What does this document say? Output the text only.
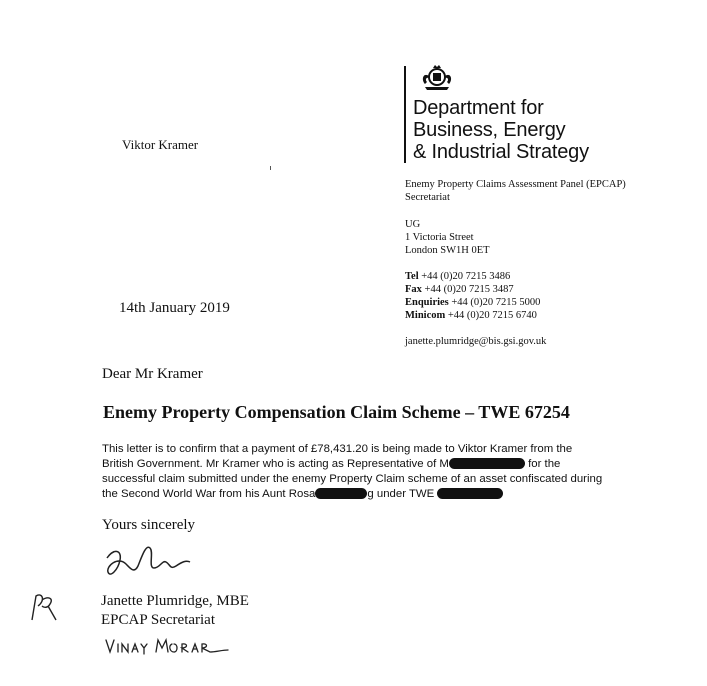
Department for
Business, Energy
& Industrial Strategy
Enemy Property Claims Assessment Panel (EPCAP)
Secretariat
UG
1 Victoria Street
London SW1H 0ET
Tel +44 (0)20 7215 3486
Fax +44 (0)20 7215 3487
Enquiries +44 (0)20 7215 5000
Minicom +44 (0)20 7215 6740
janette.plumridge@bis.gsi.gov.uk
Viktor Kramer
14th January 2019
Dear Mr Kramer
Enemy Property Compensation Claim Scheme – TWE 67254

This letter is to confirm that a payment of £78,431.20 is being made to Viktor Kramer from the

British Government. Mr Kramer who is acting as Representative of M	for the

successful claim submitted under the enemy Property Claim scheme of an asset confiscated during

the Second World War from his Aunt Rosa	g under TWE

Yours sincerely
Janette Plumridge, MBE
EPCAP Secretariat
